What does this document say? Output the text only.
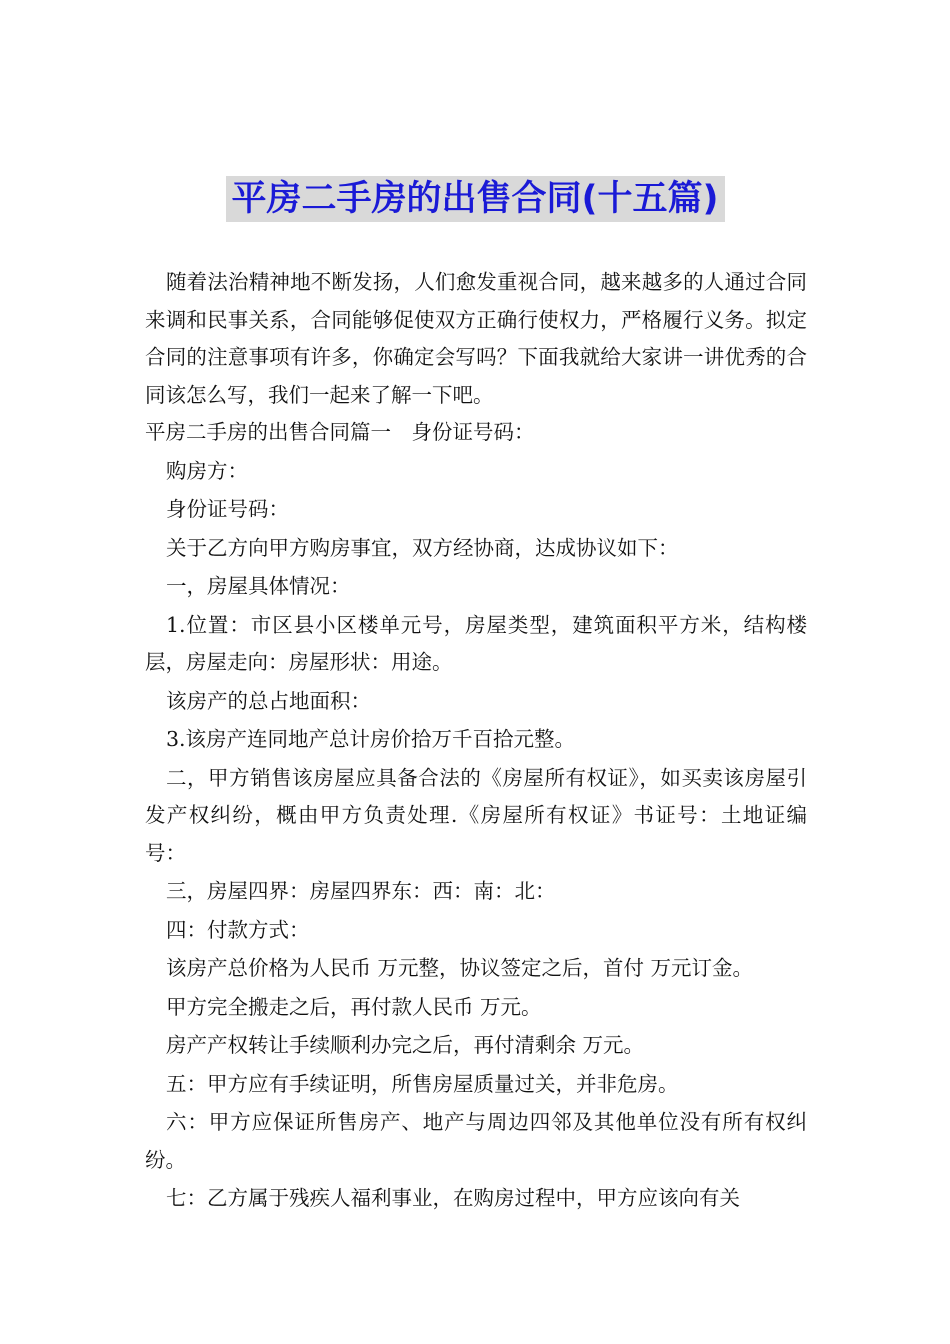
平房二手房的出售合同(十五篇)

随着法治精神地不断发扬，人们愈发重视合同，越来越多的人通过合同来调和民事关系，合同能够促使双方正确行使权力，严格履行义务。拟定合同的注意事项有许多，你确定会写吗？下面我就给大家讲一讲优秀的合同该怎么写，我们一起来了解一下吧。

平房二手房的出售合同篇一　身份证号码：

购房方：

身份证号码：

关于乙方向甲方购房事宜，双方经协商，达成协议如下：

一，房屋具体情况：

1.位置：市区县小区楼单元号，房屋类型，建筑面积平方米，结构楼层，房屋走向：房屋形状：用途。

该房产的总占地面积：

3.该房产连同地产总计房价拾万千百拾元整。

二，甲方销售该房屋应具备合法的《房屋所有权证》，如买卖该房屋引发产权纠纷，概由甲方负责处理.《房屋所有权证》书证号：土地证编号：

三，房屋四界：房屋四界东：西：南：北：

四：付款方式：

该房产总价格为人民币 万元整，协议签定之后，首付 万元订金。

甲方完全搬走之后，再付款人民币 万元。

房产产权转让手续顺利办完之后，再付清剩余 万元。

五：甲方应有手续证明，所售房屋质量过关，并非危房。

六：甲方应保证所售房产、地产与周边四邻及其他单位没有所有权纠纷。

七：乙方属于残疾人福利事业，在购房过程中，甲方应该向有关
